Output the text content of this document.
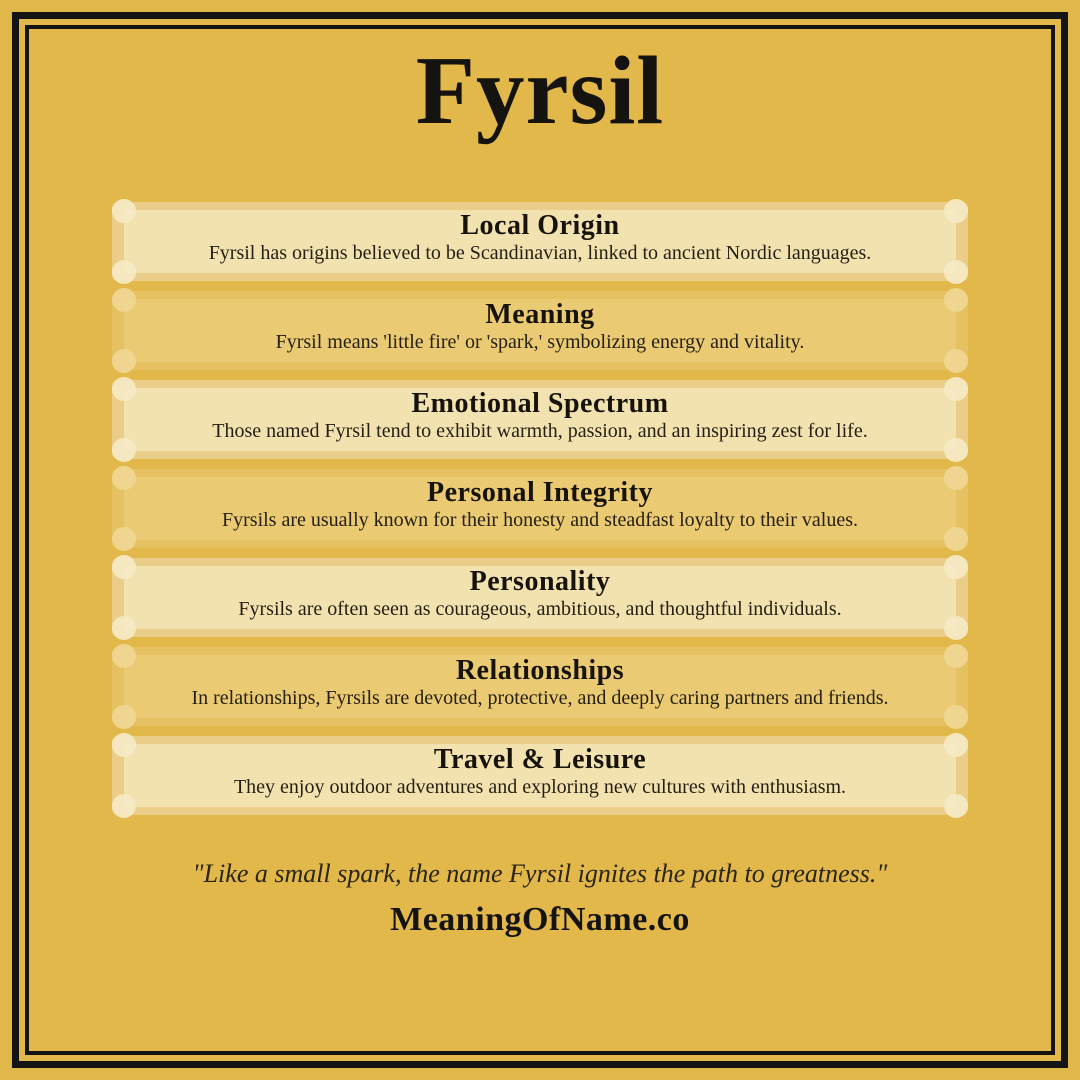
Fyrsil
Local Origin

Fyrsil has origins believed to be Scandinavian, linked to ancient Nordic languages.

Meaning

Fyrsil means 'little fire' or 'spark,' symbolizing energy and vitality.

Emotional Spectrum

Those named Fyrsil tend to exhibit warmth, passion, and an inspiring zest for life.

Personal Integrity

Fyrsils are usually known for their honesty and steadfast loyalty to their values.

Personality

Fyrsils are often seen as courageous, ambitious, and thoughtful individuals.

Relationships

In relationships, Fyrsils are devoted, protective, and deeply caring partners and friends.

Travel & Leisure

They enjoy outdoor adventures and exploring new cultures with enthusiasm.

"Like a small spark, the name Fyrsil ignites the path to greatness."

MeaningOfName.co
